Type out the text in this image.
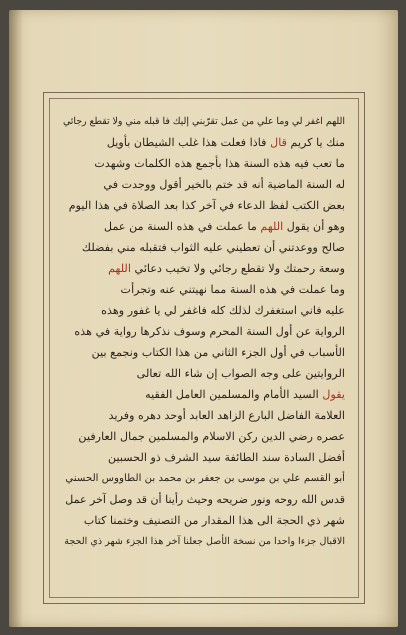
اللهم اغفر لي وما علي من عمل تقرّبني إليك فا قبله مني ولا تقطع رجائي
منك يا كريم قال فاذا فعلت هذا غلب الشيطان بأويل
ما تعب فيه هذه السنة هذا بأجمع هذه الكلمات وشهدت
له السنة الماضية أنه قد ختم بالخير أقول ووجدت في
بعض الكتب لفظ الدعاء في آخر كذا بعد الصلاة في هذا اليوم
وهو أن يقول اللهم ما عملت في هذه السنة من عمل
صالح ووعدتني أن تعطيني عليه الثواب فتقبله مني بفضلك
وسعة رحمتك ولا تقطع رجائي ولا تخيب دعائي اللهم
وما عملت في هذه السنة مما نهيتني عنه وتجرأت
عليه فاني استغفرك لذلك كله فاغفر لي يا غفور وهذه
الرواية عن أول السنة المحرم وسوف نذكرها رواية في هذه
الأسباب في أول الجزء الثاني من هذا الكتاب ونجمع بين
الروايتين على وجه الصواب إن شاء الله تعالى
يقول السيد الأمام والمسلمين العامل الفقيه
العلامة الفاضل البارع الزاهد العابد أوحد دهره وفريد
عصره رضي الدين ركن الاسلام والمسلمين جمال العارفين
أفضل السادة سند الطائفة سيد الشرف ذو الحسبين
أبو القسم علي بن موسى بن جعفر بن محمد بن الطاووس الحسني
قدس الله روحه ونور ضريحه وحيث رأينا أن قد وصل آخر عمل
شهر ذي الحجة الى هذا المقدار من التصنيف وختمنا كتاب
الاقبال جزءا واحدا من نسخة الأصل جعلنا آخر هذا الجزء شهر ذي الحجة
